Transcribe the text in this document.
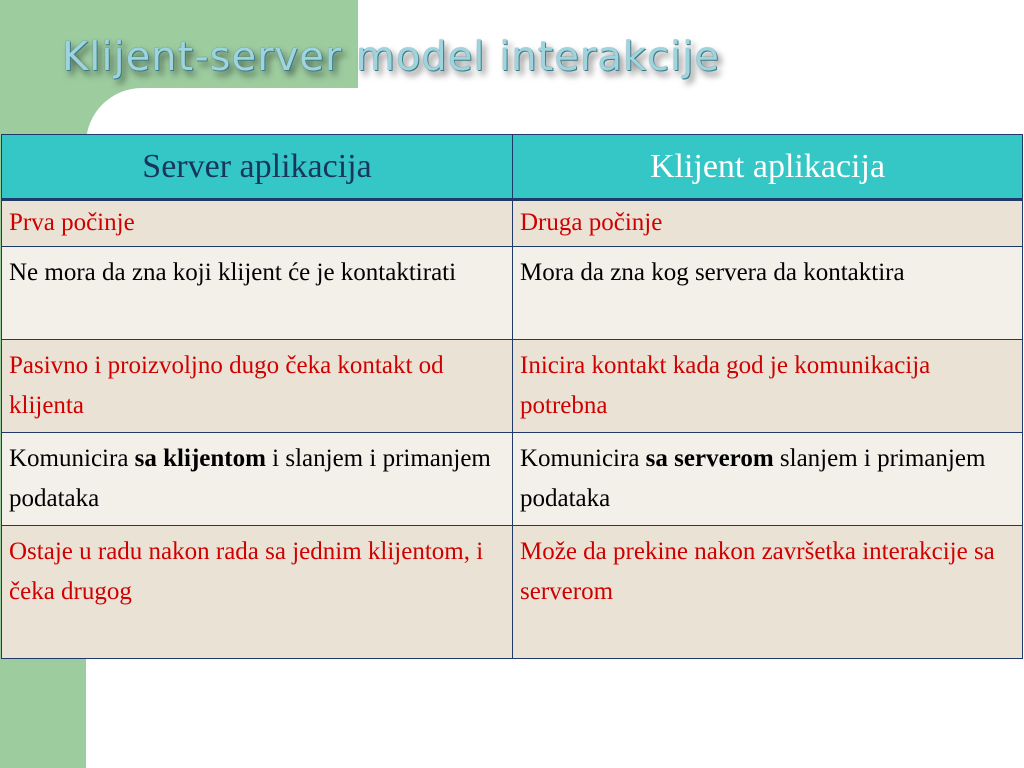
Klijent-server model interakcije
Server aplikacija	Klijent aplikacija
Prva počinje	Druga počinje
Ne mora da zna koji klijent će je kontaktirati	Mora da zna kog servera da kontaktira
Pasivno i proizvoljno dugo čeka kontakt od klijenta	Inicira kontakt kada god je komunikacija potrebna
Komunicira sa klijentom i slanjem i primanjem podataka	Komunicira sa serverom slanjem i primanjem podataka
Ostaje u radu nakon rada sa jednim klijentom, i čeka drugog	Može da prekine nakon završetka interakcije sa serverom
